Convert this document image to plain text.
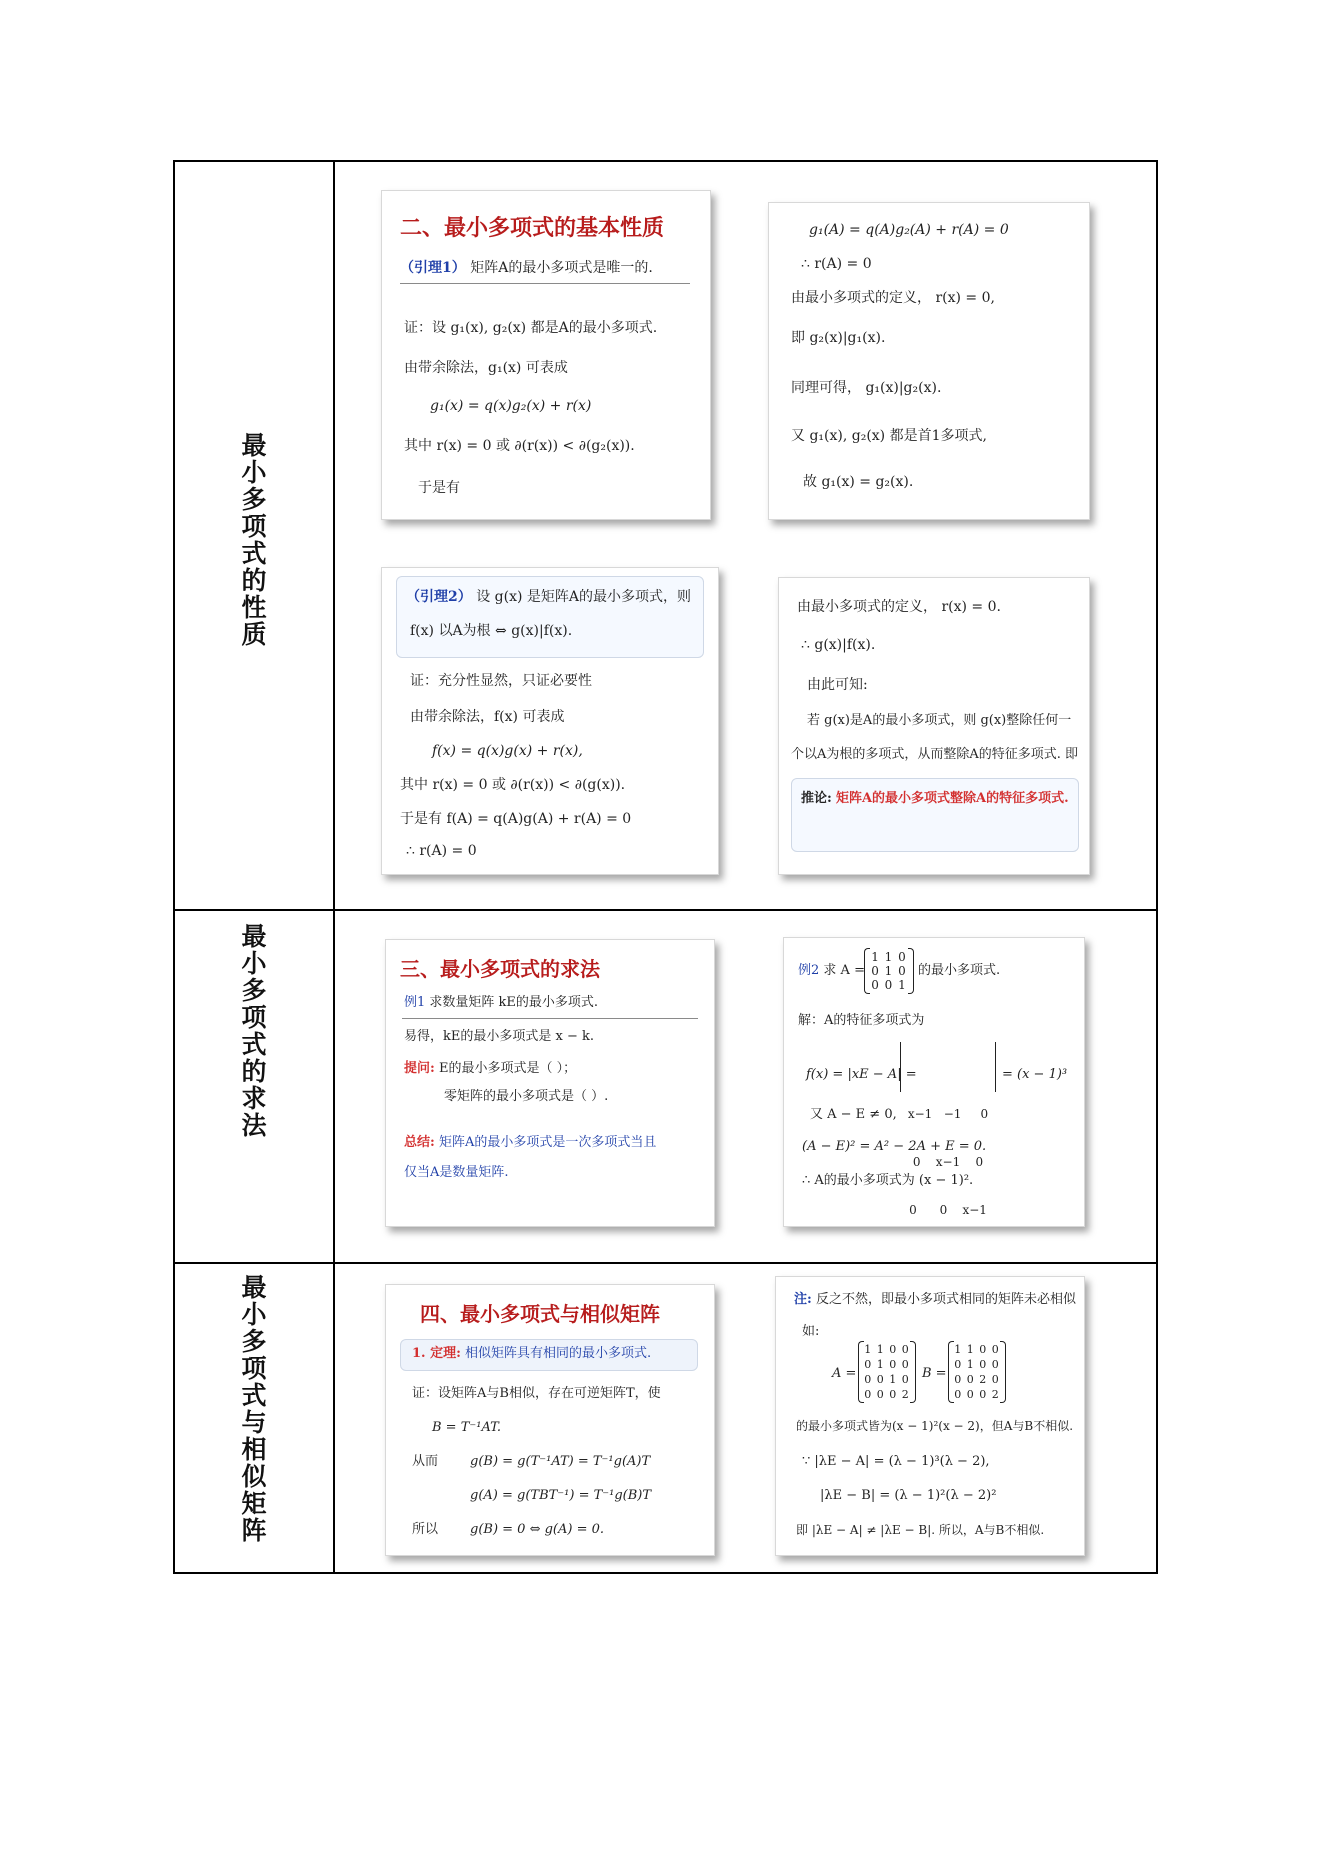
最小多项式的性质
二、最小多项式的基本性质
（引理1） 矩阵A的最小多项式是唯一的.
证：设 g₁(x), g₂(x) 都是A的最小多项式.
由带余除法，g₁(x) 可表成
g₁(x) = q(x)g₂(x) + r(x)
其中 r(x) = 0 或 ∂(r(x)) < ∂(g₂(x)).
于是有
g₁(A) = q(A)g₂(A) + r(A) = 0
∴ r(A) = 0
由最小多项式的定义， r(x) = 0,
即 g₂(x)|g₁(x).
同理可得， g₁(x)|g₂(x).
又 g₁(x), g₂(x) 都是首1多项式,
故 g₁(x) = g₂(x).
（引理2） 设 g(x) 是矩阵A的最小多项式，则
f(x) 以A为根 ⇔ g(x)|f(x).
证：充分性显然，只证必要性
由带余除法，f(x) 可表成
f(x) = q(x)g(x) + r(x),
其中 r(x) = 0 或 ∂(r(x)) < ∂(g(x)).
于是有 f(A) = q(A)g(A) + r(A) = 0
∴ r(A) = 0
由最小多项式的定义， r(x) = 0.
∴ g(x)|f(x).
由此可知:
若 g(x)是A的最小多项式，则 g(x)整除任何一
个以A为根的多项式，从而整除A的特征多项式. 即
推论: 矩阵A的最小多项式整除A的特征多项式.
最小多项式的求法
三、最小多项式的求法
例1 求数量矩阵 kE的最小多项式.
易得，kE的最小多项式是 x − k.
提问: E的最小多项式是（ ）；
零矩阵的最小多项式是（ ）.
总结: 矩阵A的最小多项式是一次多项式当且
仅当A是数量矩阵.
例2 求 A =
1 1 0
0 1 0
0 0 1
的最小多项式.
解：A的特征多项式为
f(x) = |xE − A| =

x−1   −1     0

0    x−1    0

0      0    x−1

= (x − 1)³
又 A − E ≠ 0,
(A − E)² = A² − 2A + E = 0.
∴ A的最小多项式为 (x − 1)².
最小多项式与相似矩阵
四、最小多项式与相似矩阵
1. 定理: 相似矩阵具有相同的最小多项式.
证：设矩阵A与B相似，存在可逆矩阵T，使
B = T⁻¹AT.
从而	g(B) = g(T⁻¹AT) = T⁻¹g(A)T
g(A) = g(TBT⁻¹) = T⁻¹g(B)T
所以	g(B) = 0 ⇔ g(A) = 0.
注: 反之不然，即最小多项式相同的矩阵未必相似
如:
A =
1 1 0 0
0 1 0 0
0 0 1 0
0 0 0 2
B =
1 1 0 0
0 1 0 0
0 0 2 0
0 0 0 2
的最小多项式皆为(x − 1)²(x − 2)，但A与B不相似.
∵ |λE − A| = (λ − 1)³(λ − 2),
|λE − B| = (λ − 1)²(λ − 2)²
即 |λE − A| ≠ |λE − B|. 所以，A与B不相似.
